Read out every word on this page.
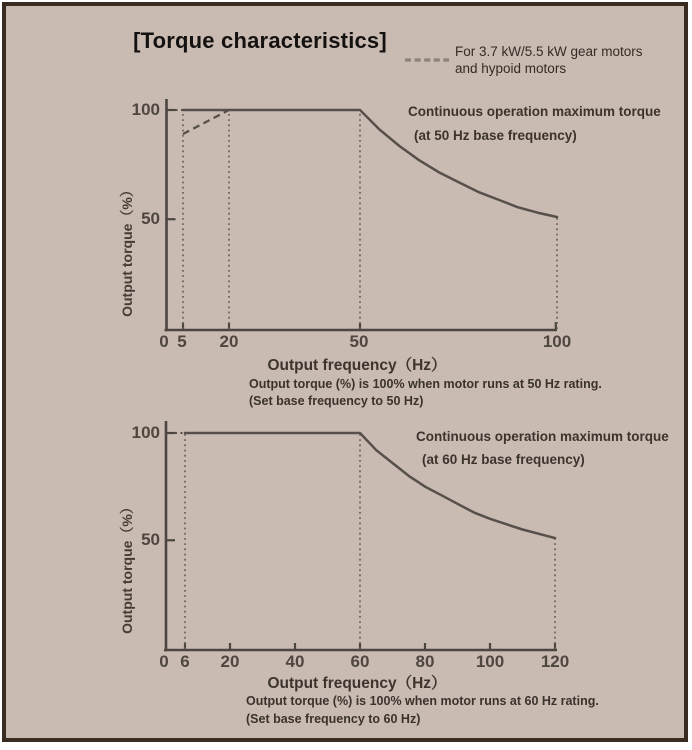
[Torque characteristics]	For 3.7 kW/5.5 kW gear motors
and hypoid motors
100
50
0 5 20	50	100
Output torque（%）
Output frequency（Hz）
Continuous operation maximum torque
(at 50 Hz base frequency)
Output torque (%) is 100% when motor runs at 50 Hz rating.
(Set base frequency to 50 Hz)
100
50
0 6 20	40	60	80 100 120
Output torque（%）
Output frequency（Hz）
Continuous operation maximum torque
(at 60 Hz base frequency)
Output torque (%) is 100% when motor runs at 60 Hz rating.
(Set base frequency to 60 Hz)
